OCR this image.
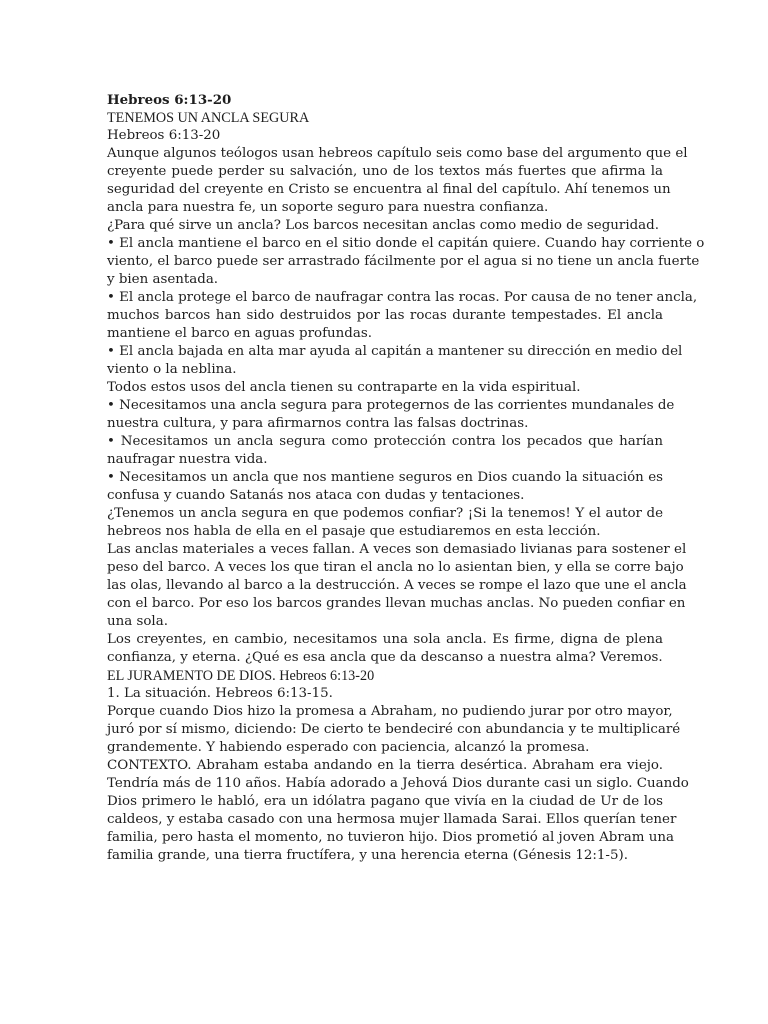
Hebreos 6:13-20
TENEMOS UN ANCLA SEGURA
Hebreos 6:13-20
Aunque algunos teólogos usan hebreos capítulo seis como base del argumento que el
creyente puede perder su salvación, uno de los textos más fuertes que afirma la
seguridad del creyente en Cristo se encuentra al final del capítulo. Ahí tenemos un
ancla para nuestra fe, un soporte seguro para nuestra confianza.
¿Para qué sirve un ancla? Los barcos necesitan anclas como medio de seguridad.
• El ancla mantiene el barco en el sitio donde el capitán quiere. Cuando hay corriente o
viento, el barco puede ser arrastrado fácilmente por el agua si no tiene un ancla fuerte
y bien asentada.
• El ancla protege el barco de naufragar contra las rocas. Por causa de no tener ancla,
muchos barcos han sido destruidos por las rocas durante tempestades. El ancla
mantiene el barco en aguas profundas.
• El ancla bajada en alta mar ayuda al capitán a mantener su dirección en medio del
viento o la neblina.
Todos estos usos del ancla tienen su contraparte en la vida espiritual.
• Necesitamos una ancla segura para protegernos de las corrientes mundanales de
nuestra cultura, y para afirmarnos contra las falsas doctrinas.
• Necesitamos un ancla segura como protección contra los pecados que harían
naufragar nuestra vida.
• Necesitamos un ancla que nos mantiene seguros en Dios cuando la situación es
confusa y cuando Satanás nos ataca con dudas y tentaciones.
¿Tenemos un ancla segura en que podemos confiar? ¡Si la tenemos! Y el autor de
hebreos nos habla de ella en el pasaje que estudiaremos en esta lección.
Las anclas materiales a veces fallan. A veces son demasiado livianas para sostener el
peso del barco. A veces los que tiran el ancla no lo asientan bien, y ella se corre bajo
las olas, llevando al barco a la destrucción. A veces se rompe el lazo que une el ancla
con el barco. Por eso los barcos grandes llevan muchas anclas. No pueden confiar en
una sola.
Los creyentes, en cambio, necesitamos una sola ancla. Es firme, digna de plena
confianza, y eterna. ¿Qué es esa ancla que da descanso a nuestra alma? Veremos.
EL JURAMENTO DE DIOS. Hebreos 6:13-20
1. La situación. Hebreos 6:13-15.
Porque cuando Dios hizo la promesa a Abraham, no pudiendo jurar por otro mayor,
juró por sí mismo, diciendo: De cierto te bendeciré con abundancia y te multiplicaré
grandemente. Y habiendo esperado con paciencia, alcanzó la promesa.
CONTEXTO. Abraham estaba andando en la tierra desértica. Abraham era viejo.
Tendría más de 110 años. Había adorado a Jehová Dios durante casi un siglo. Cuando
Dios primero le habló, era un idólatra pagano que vivía en la ciudad de Ur de los
caldeos, y estaba casado con una hermosa mujer llamada Sarai. Ellos querían tener
familia, pero hasta el momento, no tuvieron hijo. Dios prometió al joven Abram una
familia grande, una tierra fructífera, y una herencia eterna (Génesis 12:1-5).
